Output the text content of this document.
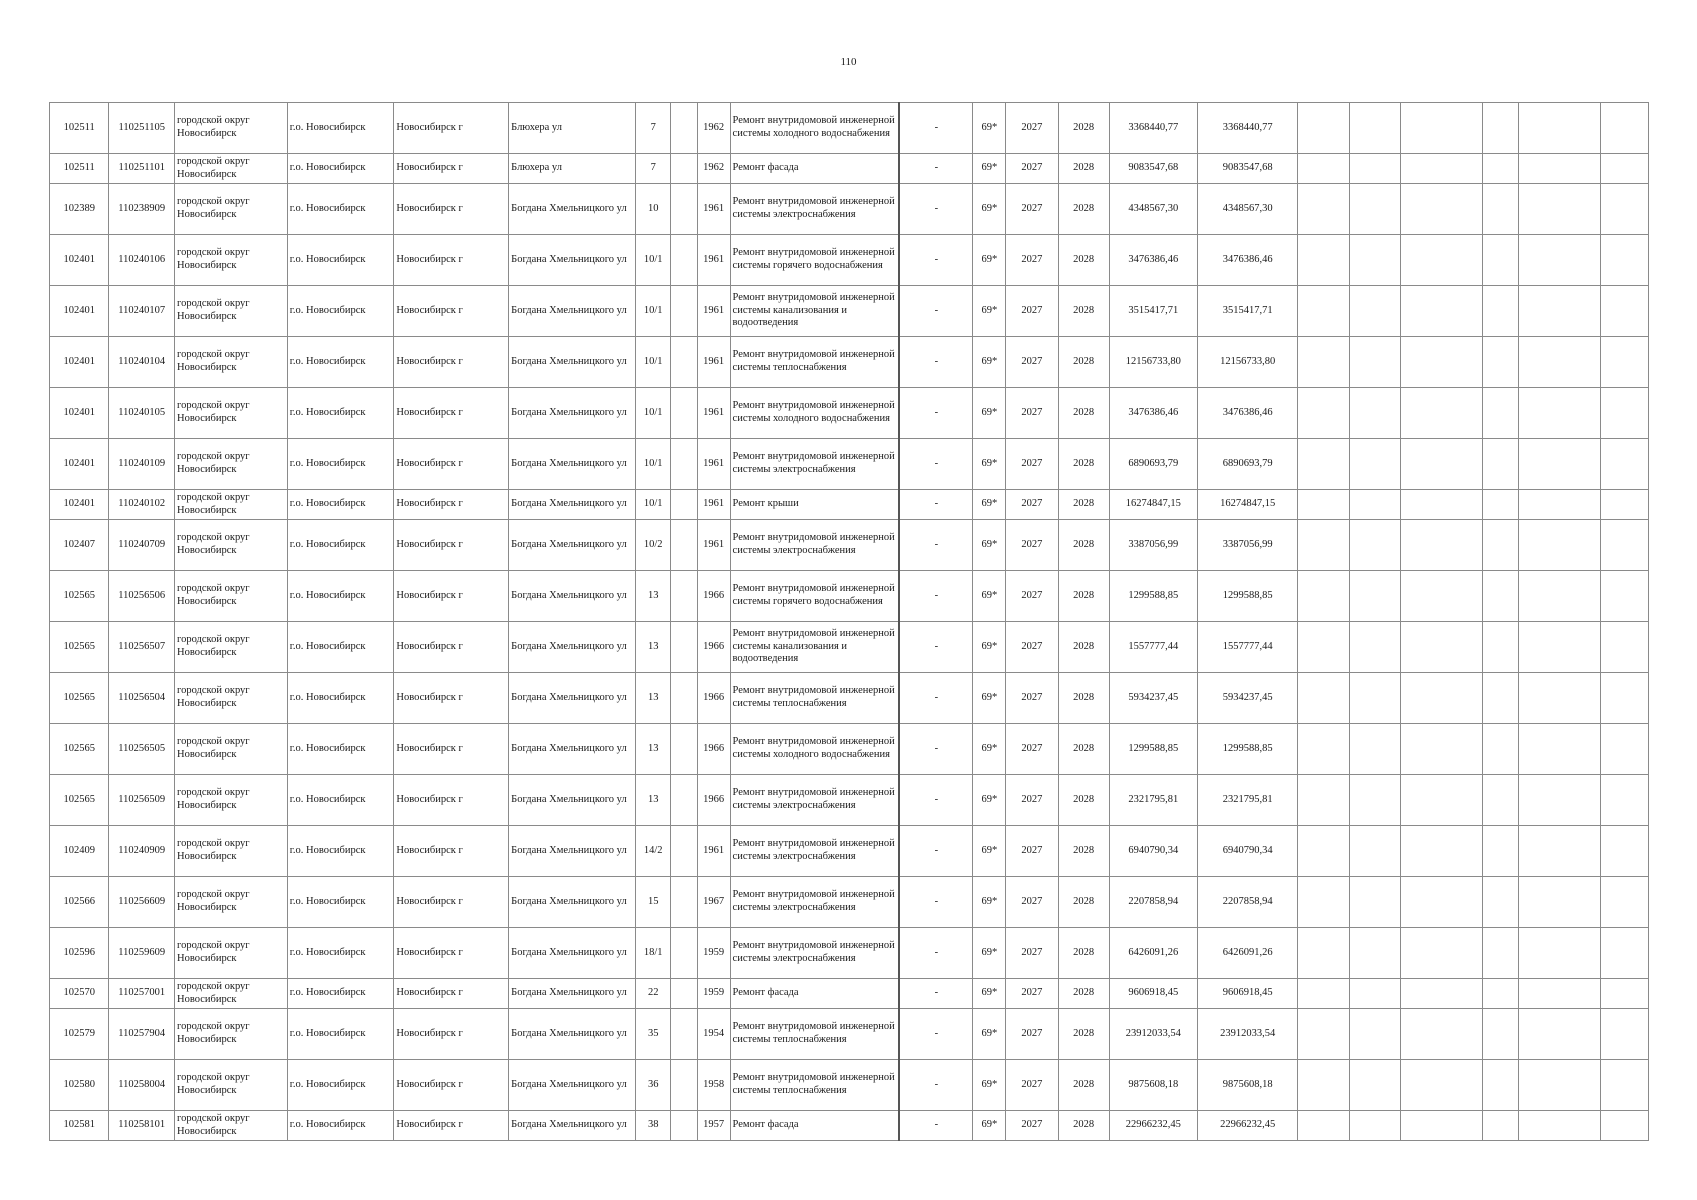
110
102511	110251105	городской округ Новосибирск	г.о. Новосибирск	Новосибирск г	Блюхера ул	7		1962	Ремонт внутридомовой инженерной системы холодного водоснабжения	-	69*	2027	2028	3368440,77	3368440,77						
102511	110251101	городской округ Новосибирск	г.о. Новосибирск	Новосибирск г	Блюхера ул	7		1962	Ремонт фасада	-	69*	2027	2028	9083547,68	9083547,68						
102389	110238909	городской округ Новосибирск	г.о. Новосибирск	Новосибирск г	Богдана Хмельницкого ул	10		1961	Ремонт внутридомовой инженерной системы электроснабжения	-	69*	2027	2028	4348567,30	4348567,30						
102401	110240106	городской округ Новосибирск	г.о. Новосибирск	Новосибирск г	Богдана Хмельницкого ул	10/1		1961	Ремонт внутридомовой инженерной системы горячего водоснабжения	-	69*	2027	2028	3476386,46	3476386,46						
102401	110240107	городской округ Новосибирск	г.о. Новосибирск	Новосибирск г	Богдана Хмельницкого ул	10/1		1961	Ремонт внутридомовой инженерной системы канализования и водоотведения	-	69*	2027	2028	3515417,71	3515417,71						
102401	110240104	городской округ Новосибирск	г.о. Новосибирск	Новосибирск г	Богдана Хмельницкого ул	10/1		1961	Ремонт внутридомовой инженерной системы теплоснабжения	-	69*	2027	2028	12156733,80	12156733,80						
102401	110240105	городской округ Новосибирск	г.о. Новосибирск	Новосибирск г	Богдана Хмельницкого ул	10/1		1961	Ремонт внутридомовой инженерной системы холодного водоснабжения	-	69*	2027	2028	3476386,46	3476386,46						
102401	110240109	городской округ Новосибирск	г.о. Новосибирск	Новосибирск г	Богдана Хмельницкого ул	10/1		1961	Ремонт внутридомовой инженерной системы электроснабжения	-	69*	2027	2028	6890693,79	6890693,79						
102401	110240102	городской округ Новосибирск	г.о. Новосибирск	Новосибирск г	Богдана Хмельницкого ул	10/1		1961	Ремонт крыши	-	69*	2027	2028	16274847,15	16274847,15						
102407	110240709	городской округ Новосибирск	г.о. Новосибирск	Новосибирск г	Богдана Хмельницкого ул	10/2		1961	Ремонт внутридомовой инженерной системы электроснабжения	-	69*	2027	2028	3387056,99	3387056,99						
102565	110256506	городской округ Новосибирск	г.о. Новосибирск	Новосибирск г	Богдана Хмельницкого ул	13		1966	Ремонт внутридомовой инженерной системы горячего водоснабжения	-	69*	2027	2028	1299588,85	1299588,85						
102565	110256507	городской округ Новосибирск	г.о. Новосибирск	Новосибирск г	Богдана Хмельницкого ул	13		1966	Ремонт внутридомовой инженерной системы канализования и водоотведения	-	69*	2027	2028	1557777,44	1557777,44						
102565	110256504	городской округ Новосибирск	г.о. Новосибирск	Новосибирск г	Богдана Хмельницкого ул	13		1966	Ремонт внутридомовой инженерной системы теплоснабжения	-	69*	2027	2028	5934237,45	5934237,45						
102565	110256505	городской округ Новосибирск	г.о. Новосибирск	Новосибирск г	Богдана Хмельницкого ул	13		1966	Ремонт внутридомовой инженерной системы холодного водоснабжения	-	69*	2027	2028	1299588,85	1299588,85						
102565	110256509	городской округ Новосибирск	г.о. Новосибирск	Новосибирск г	Богдана Хмельницкого ул	13		1966	Ремонт внутридомовой инженерной системы электроснабжения	-	69*	2027	2028	2321795,81	2321795,81						
102409	110240909	городской округ Новосибирск	г.о. Новосибирск	Новосибирск г	Богдана Хмельницкого ул	14/2		1961	Ремонт внутридомовой инженерной системы электроснабжения	-	69*	2027	2028	6940790,34	6940790,34						
102566	110256609	городской округ Новосибирск	г.о. Новосибирск	Новосибирск г	Богдана Хмельницкого ул	15		1967	Ремонт внутридомовой инженерной системы электроснабжения	-	69*	2027	2028	2207858,94	2207858,94						
102596	110259609	городской округ Новосибирск	г.о. Новосибирск	Новосибирск г	Богдана Хмельницкого ул	18/1		1959	Ремонт внутридомовой инженерной системы электроснабжения	-	69*	2027	2028	6426091,26	6426091,26						
102570	110257001	городской округ Новосибирск	г.о. Новосибирск	Новосибирск г	Богдана Хмельницкого ул	22		1959	Ремонт фасада	-	69*	2027	2028	9606918,45	9606918,45						
102579	110257904	городской округ Новосибирск	г.о. Новосибирск	Новосибирск г	Богдана Хмельницкого ул	35		1954	Ремонт внутридомовой инженерной системы теплоснабжения	-	69*	2027	2028	23912033,54	23912033,54						
102580	110258004	городской округ Новосибирск	г.о. Новосибирск	Новосибирск г	Богдана Хмельницкого ул	36		1958	Ремонт внутридомовой инженерной системы теплоснабжения	-	69*	2027	2028	9875608,18	9875608,18						
102581	110258101	городской округ Новосибирск	г.о. Новосибирск	Новосибирск г	Богдана Хмельницкого ул	38		1957	Ремонт фасада	-	69*	2027	2028	22966232,45	22966232,45						
